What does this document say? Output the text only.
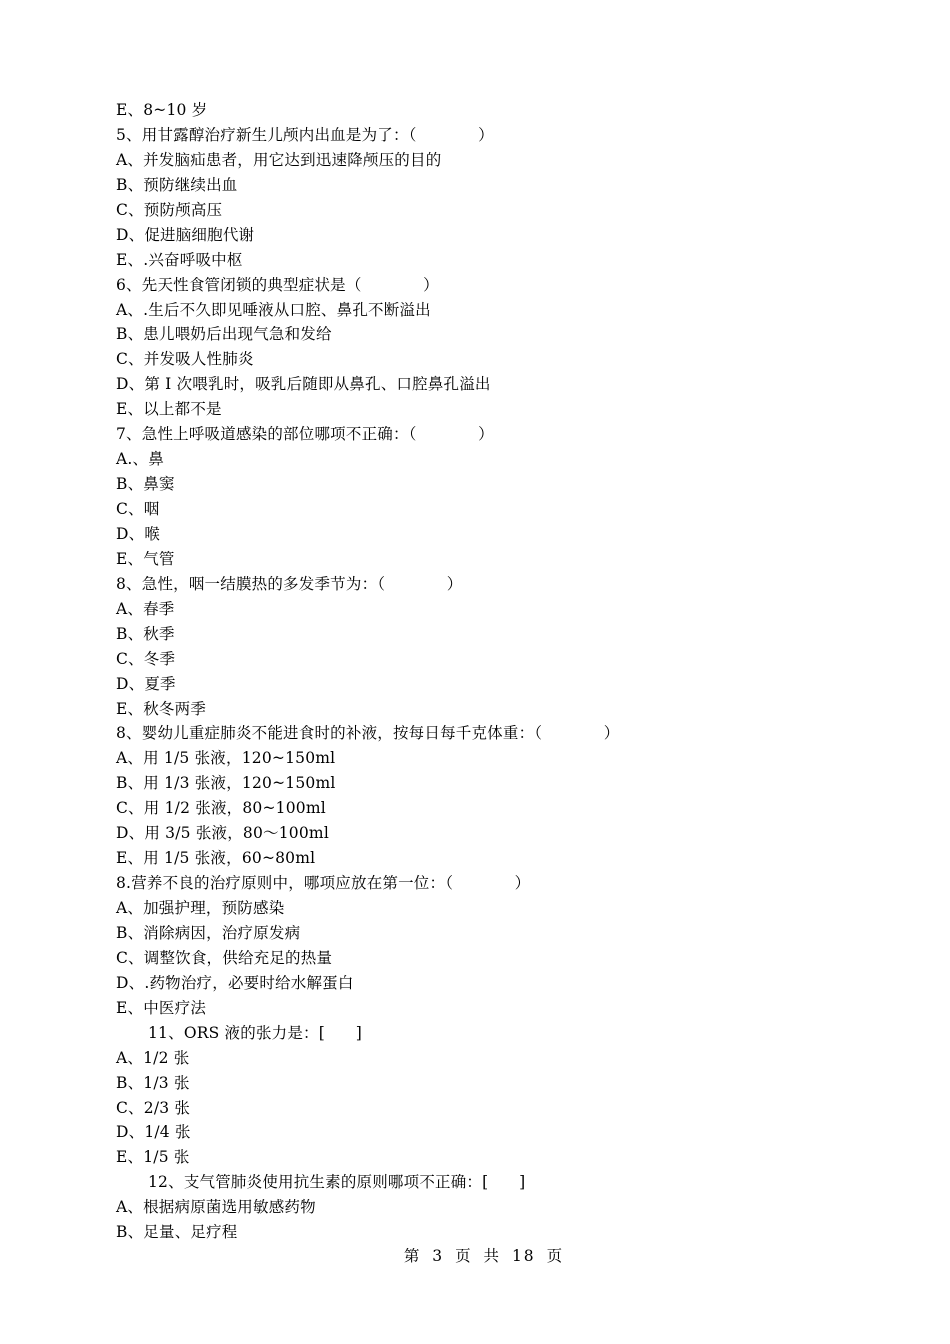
E、8~10 岁
5、用甘露醇治疗新生儿颅内出血是为了：（            ）
A、并发脑疝患者，用它达到迅速降颅压的目的
B、预防继续出血
C、预防颅高压
D、促进脑细胞代谢
E、.兴奋呼吸中枢
6、先天性食管闭锁的典型症状是（            ）
A、.生后不久即见唾液从口腔、鼻孔不断溢出
B、患儿喂奶后出现气急和发给
C、并发吸人性肺炎
D、第 I 次喂乳时，吸乳后随即从鼻孔、口腔鼻孔溢出
E、以上都不是
7、急性上呼吸道感染的部位哪项不正确：（            ）
A.、鼻
B、鼻窦
C、咽
D、喉
E、气管
8、急性，咽一结膜热的多发季节为：（            ）
A、春季
B、秋季
C、冬季
D、夏季
E、秋冬两季
8、婴幼儿重症肺炎不能进食时的补液，按每日每千克体重：（            ）
A、用 1/5 张液，120~150ml
B、用 1/3 张液，120~150ml
C、用 1/2 张液，80~100ml
D、用 3/5 张液，80～100ml
E、用 1/5 张液，60~80ml
8.营养不良的治疗原则中，哪项应放在第一位：（            ）
A、加强护理，预防感染
B、消除病因，治疗原发病
C、调整饮食，供给充足的热量
D、.药物治疗，必要时给水解蛋白
E、中医疗法
11、ORS 液的张力是：[      ]
A、1/2 张
B、1/3 张
C、2/3 张
D、1/4 张
E、1/5 张
12、支气管肺炎使用抗生素的原则哪项不正确：[      ]
A、根据病原菌选用敏感药物
B、足量、足疗程
第 3 页 共 18 页
